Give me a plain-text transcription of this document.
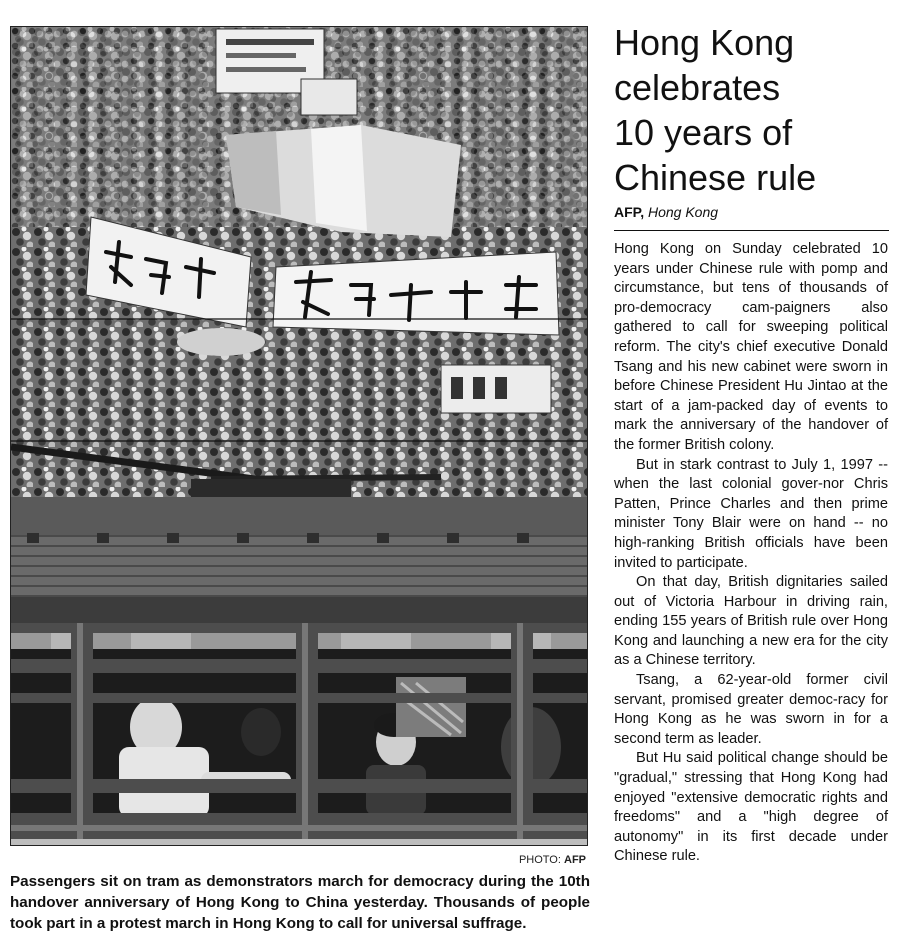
PHOTO: AFP
Passengers sit on tram as demonstrators march for democracy during the 10th handover anniversary of Hong Kong to China yesterday. Thousands of people took part in a protest march in Hong Kong to call for universal suffrage.
Hong Kong
celebrates
10 years of
Chinese rule
AFP, Hong Kong

Hong Kong on Sunday celebrated 10 years under Chinese rule with pomp and circumstance, but tens of thousands of pro-democracy cam-paigners also gathered to call for sweeping political reform. The city's chief executive Donald Tsang and his new cabinet were sworn in before Chinese President Hu Jintao at the start of a jam-packed day of events to mark the anniversary of the handover of the former British colony.

But in stark contrast to July 1, 1997 -- when the last colonial gover-nor Chris Patten, Prince Charles and then prime minister Tony Blair were on hand -- no high-ranking British officials have been invited to participate.

On that day, British dignitaries sailed out of Victoria Harbour in driving rain, ending 155 years of British rule over Hong Kong and launching a new era for the city as a Chinese territory.

Tsang, a 62-year-old former civil servant, promised greater democ-racy for Hong Kong as he was sworn in for a second term as leader.

But Hu said political change should be "gradual," stressing that Hong Kong had enjoyed "extensive democratic rights and freedoms" and a "high degree of autonomy" in its first decade under Chinese rule.
